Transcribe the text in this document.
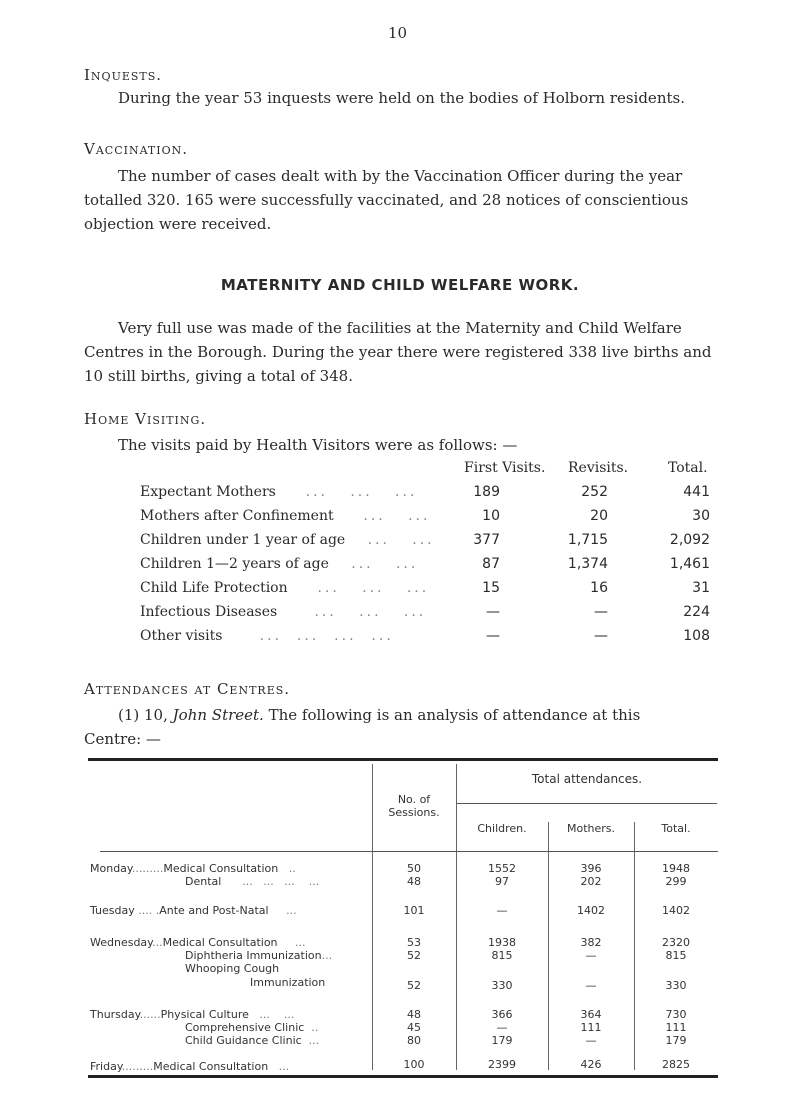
10
Inquests.
During the year 53 inquests were held on the bodies of Holborn residents.
Vaccination.
The number of cases dealt with by the Vaccination Officer during the year totalled 320. 165 were successfully vaccinated, and 28 notices of conscientious objection were received.
MATERNITY AND CHILD WELFARE WORK.
Very full use was made of the facilities at the Maternity and Child Welfare Centres in the Borough. During the year there were registered 338 live births and 10 still births, giving a total of 348.
Home Visiting.
The visits paid by Health Visitors were as follows: —
First Visits. Revisits.	Total.
Expectant Mothers    ...   ...   ...	189	252	441
Mothers after Confinement    ...   ...	10	20	30
Children under 1 year of age   ...   ...	377	1,715	2,092
Children 1—2 years of age   ...   ...	87	1,374	1,461
Child Life Protection    ...   ...   ...	15	16	31
Infectious Diseases     ...   ...   ...	—	—	224
Other visits     ...  ...  ...  ...	—	—	108
Attendances at Centres.
(1) 10, John Street. The following is an analysis of attendance at this
Centre: —
No. of
Sessions.
Total attendances.
Children.	Mothers.	Total.
Monday.........Medical Consultation   ..	50	1552	396	1948
Dental      ...   ...   ...    ...	48	97	202	299
Tuesday .... .Ante and Post-Natal     ...	101	—	1402	1402
Wednesday...Medical Consultation     ...	53	1938	382	2320
Diphtheria Immunization...	52	815	—	815
Whooping Cough
Immunization	52	330	—	330
Thursday......Physical Culture   ...    ...	48	366	364	730
Comprehensive Clinic  ..	45	—	111	111
Child Guidance Clinic  ...	80	179	—	179
Friday.........Medical Consultation   ...	100	2399	426	2825
